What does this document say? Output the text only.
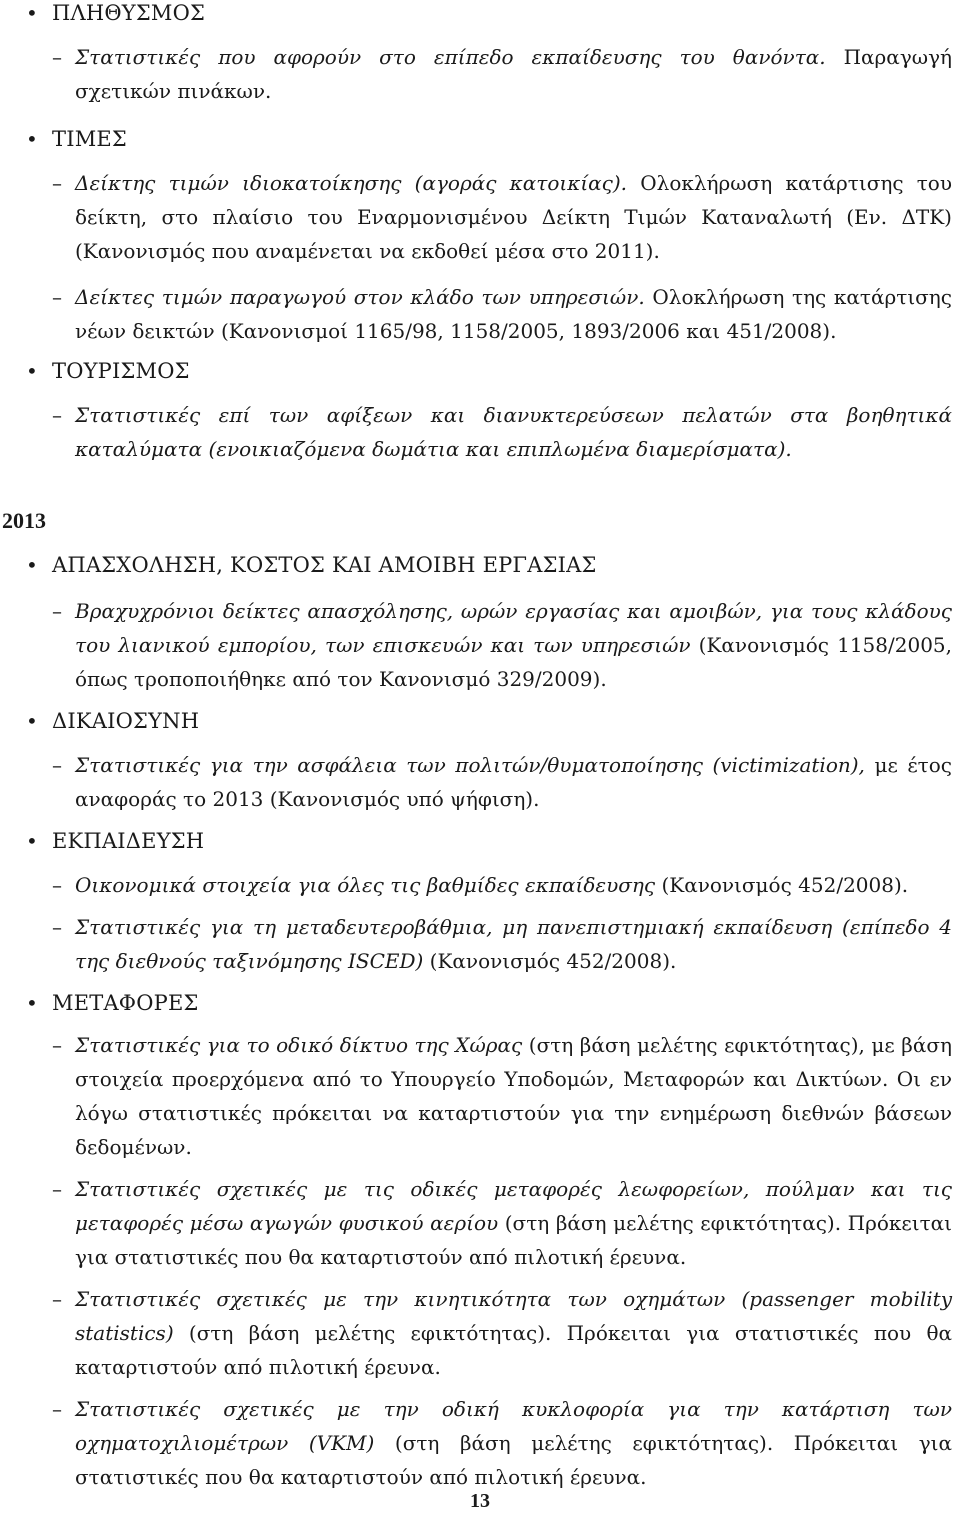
• ΠΛΗΘΥΣΜΟΣ

– Στατιστικές που αφορούν στο επίπεδο εκπαίδευσης του θανόντα. Παραγωγή σχετικών πινάκων.

• ΤΙΜΕΣ

– Δείκτης τιμών ιδιοκατοίκησης (αγοράς κατοικίας). Ολοκλήρωση κατάρτισης του δείκτη, στο πλαίσιο του Εναρμονισμένου Δείκτη Τιμών Καταναλωτή (Εν. ΔΤΚ) (Κανονισμός που αναμένεται να εκδοθεί μέσα στο 2011).

– Δείκτες τιμών παραγωγού στον κλάδο των υπηρεσιών. Ολοκλήρωση της κατάρτισης νέων δεικτών (Κανονισμοί 1165/98, 1158/2005, 1893/2006 και 451/2008).

• ΤΟΥΡΙΣΜΟΣ

– Στατιστικές επί των αφίξεων και διανυκτερεύσεων πελατών στα βοηθητικά καταλύματα (ενοικιαζόμενα δωμάτια και επιπλωμένα διαμερίσματα).

2013

• ΑΠΑΣΧΟΛΗΣΗ, ΚΟΣΤΟΣ ΚΑΙ ΑΜΟΙΒΗ ΕΡΓΑΣΙΑΣ

– Βραχυχρόνιοι δείκτες απασχόλησης, ωρών εργασίας και αμοιβών, για τους κλάδους του λιανικού εμπορίου, των επισκευών και των υπηρεσιών (Κανονισμός 1158/2005, όπως τροποποιήθηκε από τον Κανονισμό 329/2009).

• ΔΙΚΑΙΟΣΥΝΗ

– Στατιστικές για την ασφάλεια των πολιτών/θυματοποίησης (victimization), με έτος αναφοράς το 2013 (Κανονισμός υπό ψήφιση).

• ΕΚΠΑΙΔΕΥΣΗ

– Οικονομικά στοιχεία για όλες τις βαθμίδες εκπαίδευσης (Κανονισμός 452/2008).

– Στατιστικές για τη μεταδευτεροβάθμια, μη πανεπιστημιακή εκπαίδευση (επίπεδο 4 της διεθνούς ταξινόμησης ISCED) (Κανονισμός 452/2008).

• ΜΕΤΑΦΟΡΕΣ

– Στατιστικές για το οδικό δίκτυο της Χώρας (στη βάση μελέτης εφικτότητας), με βάση στοιχεία προερχόμενα από το Υπουργείο Υποδομών, Μεταφορών και Δικτύων. Οι εν λόγω στατιστικές πρόκειται να καταρτιστούν για την ενημέρωση διεθνών βάσεων δεδομένων.

– Στατιστικές σχετικές με τις οδικές μεταφορές λεωφορείων, πούλμαν και τις μεταφορές μέσω αγωγών φυσικού αερίου (στη βάση μελέτης εφικτότητας). Πρόκειται για στατιστικές που θα καταρτιστούν από πιλοτική έρευνα.

– Στατιστικές σχετικές με την κινητικότητα των οχημάτων (passenger mobility statistics) (στη βάση μελέτης εφικτότητας). Πρόκειται για στατιστικές που θα καταρτιστούν από πιλοτική έρευνα.

– Στατιστικές σχετικές με την οδική κυκλοφορία για την κατάρτιση των οχηματοχιλιομέτρων (VKM) (στη βάση μελέτης εφικτότητας). Πρόκειται για στατιστικές που θα καταρτιστούν από πιλοτική έρευνα.

13
